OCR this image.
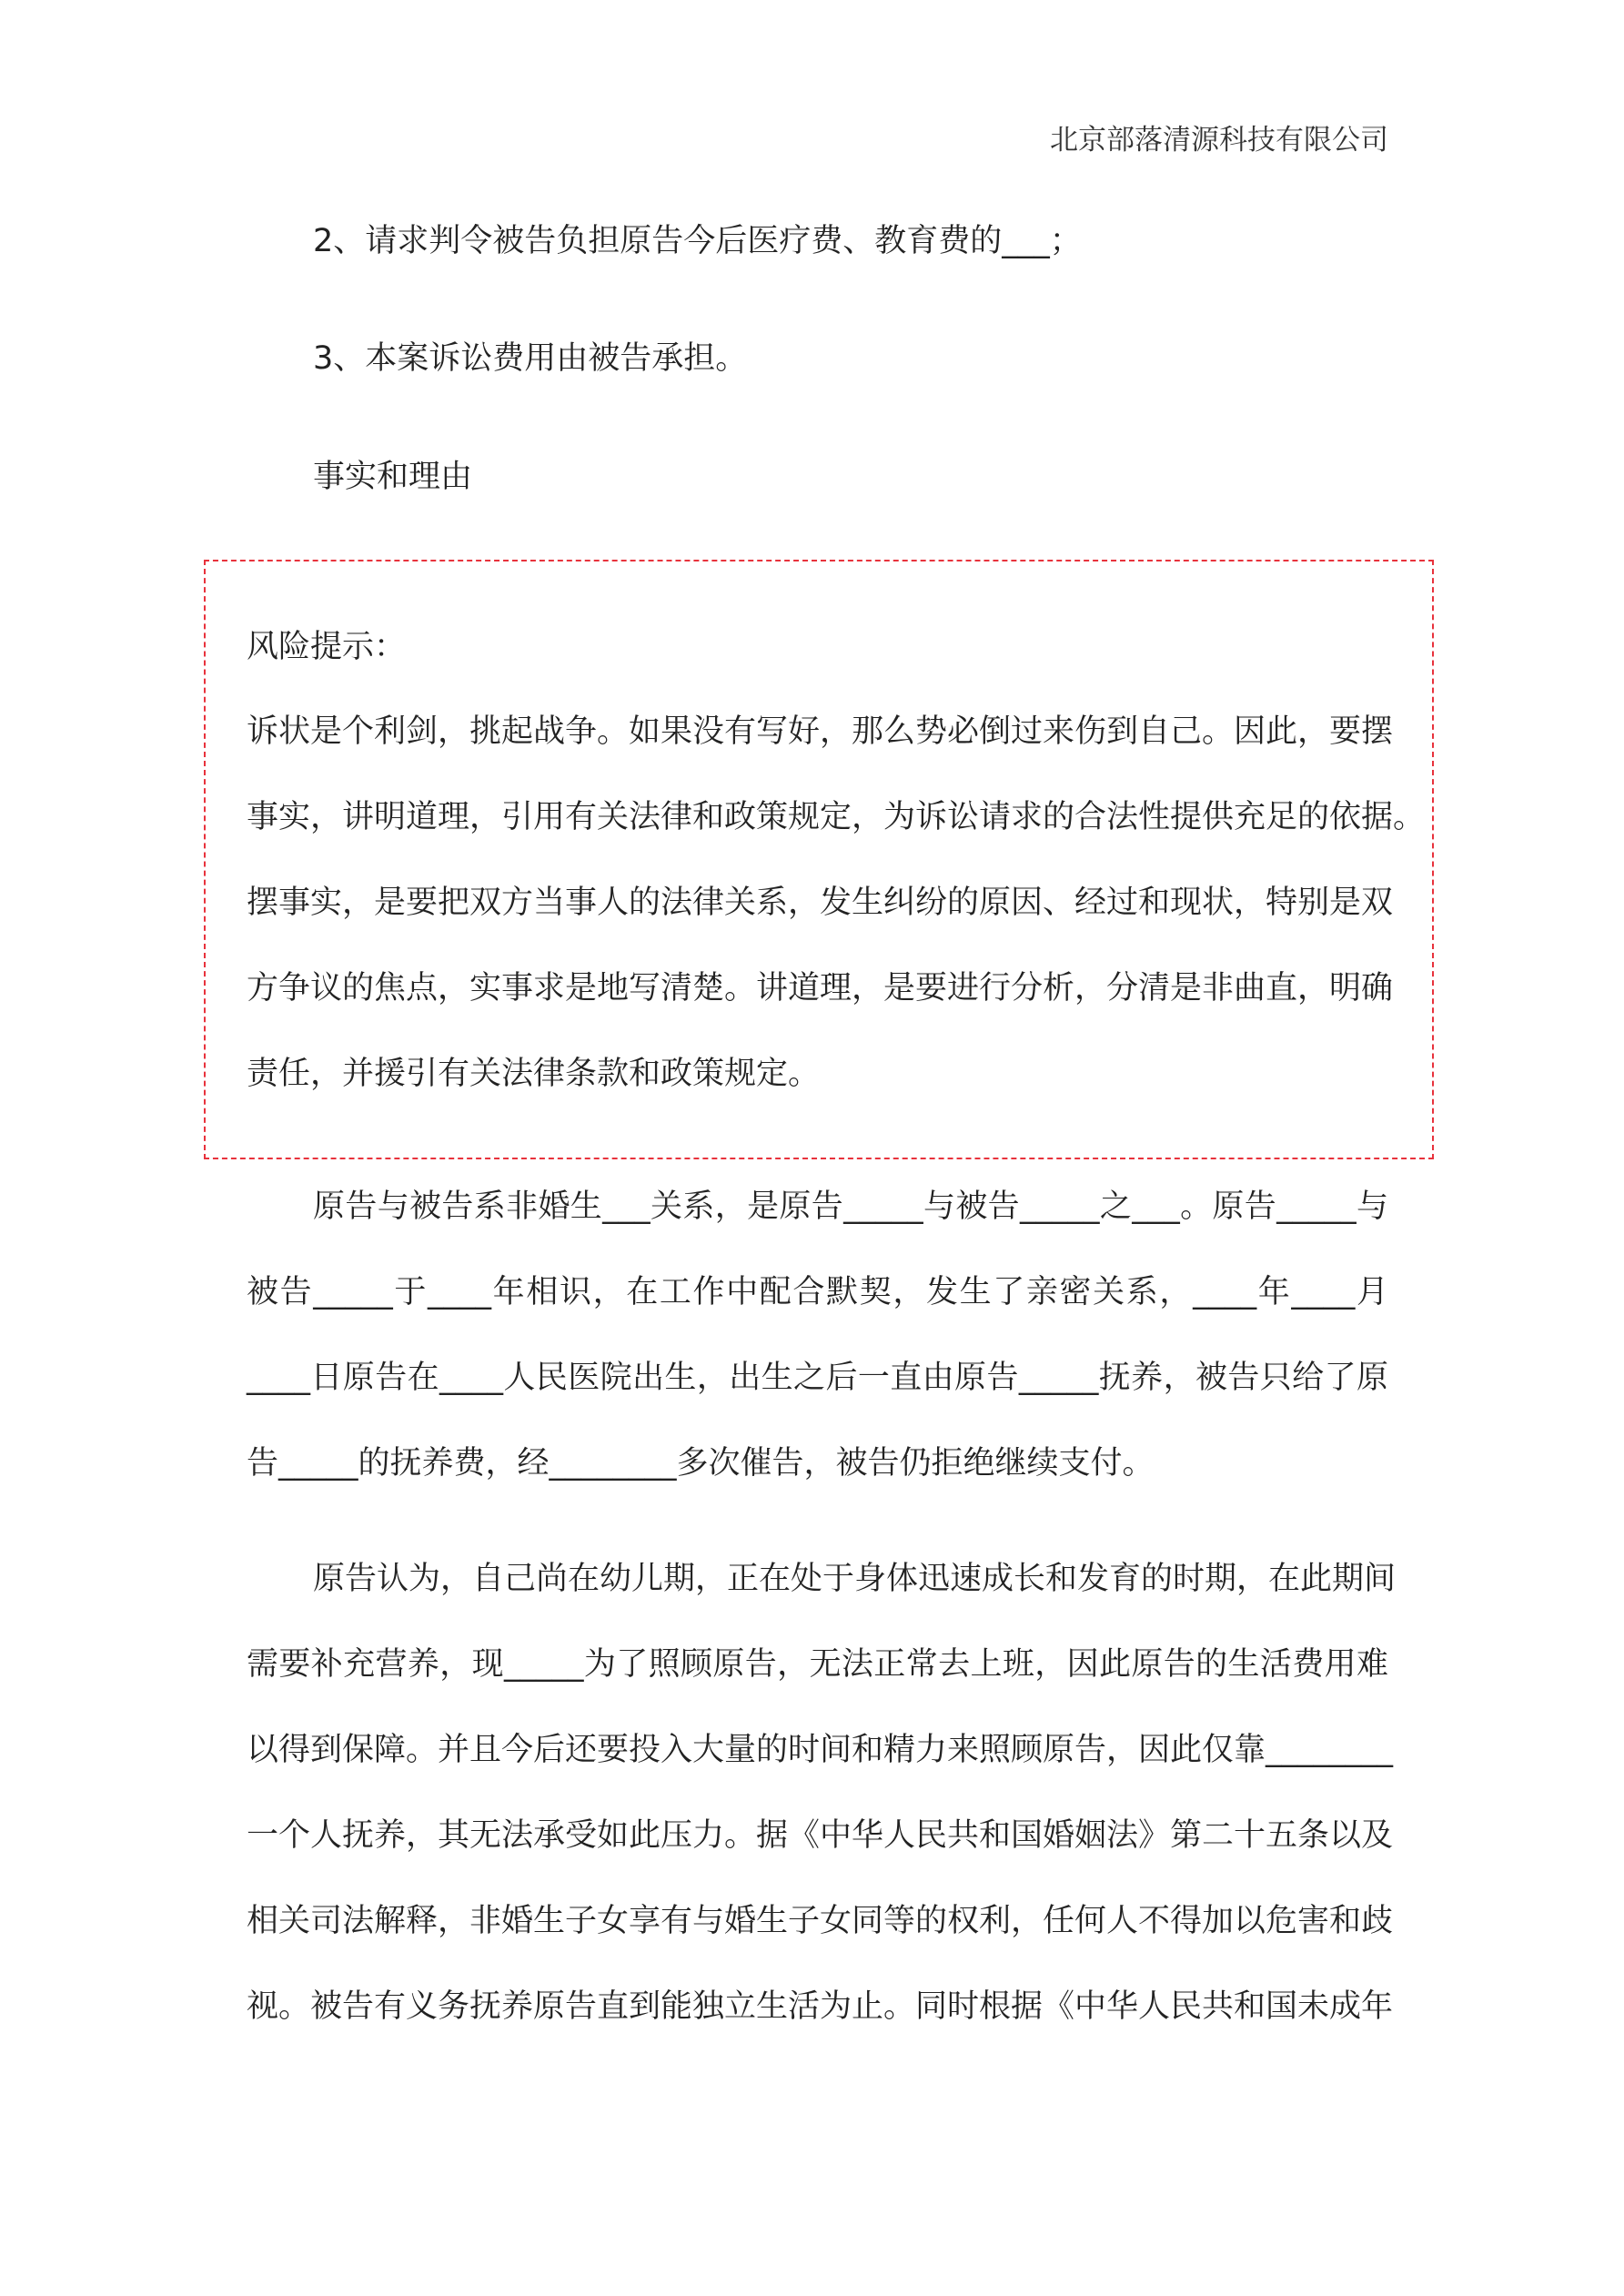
北京部落清源科技有限公司
2、请求判令被告负担原告今后医疗费、教育费的___；
3、本案诉讼费用由被告承担。
事实和理由
风险提示：
诉状是个利剑，挑起战争。如果没有写好，那么势必倒过来伤到自己。因此，要摆
事实，讲明道理，引用有关法律和政策规定，为诉讼请求的合法性提供充足的依据。
摆事实，是要把双方当事人的法律关系，发生纠纷的原因、经过和现状，特别是双
方争议的焦点，实事求是地写清楚。讲道理，是要进行分析，分清是非曲直，明确
责任，并援引有关法律条款和政策规定。
原告与被告系非婚生___关系，是原告_____与被告_____之___。原告_____与
被告_____于____年相识，在工作中配合默契，发生了亲密关系，____年____月
____日原告在____人民医院出生，出生之后一直由原告_____抚养，被告只给了原
告_____的抚养费，经________多次催告，被告仍拒绝继续支付。
原告认为，自己尚在幼儿期，正在处于身体迅速成长和发育的时期，在此期间
需要补充营养，现_____为了照顾原告，无法正常去上班，因此原告的生活费用难
以得到保障。并且今后还要投入大量的时间和精力来照顾原告，因此仅靠________
一个人抚养，其无法承受如此压力。据《中华人民共和国婚姻法》第二十五条以及
相关司法解释，非婚生子女享有与婚生子女同等的权利，任何人不得加以危害和歧
视。被告有义务抚养原告直到能独立生活为止。同时根据《中华人民共和国未成年
